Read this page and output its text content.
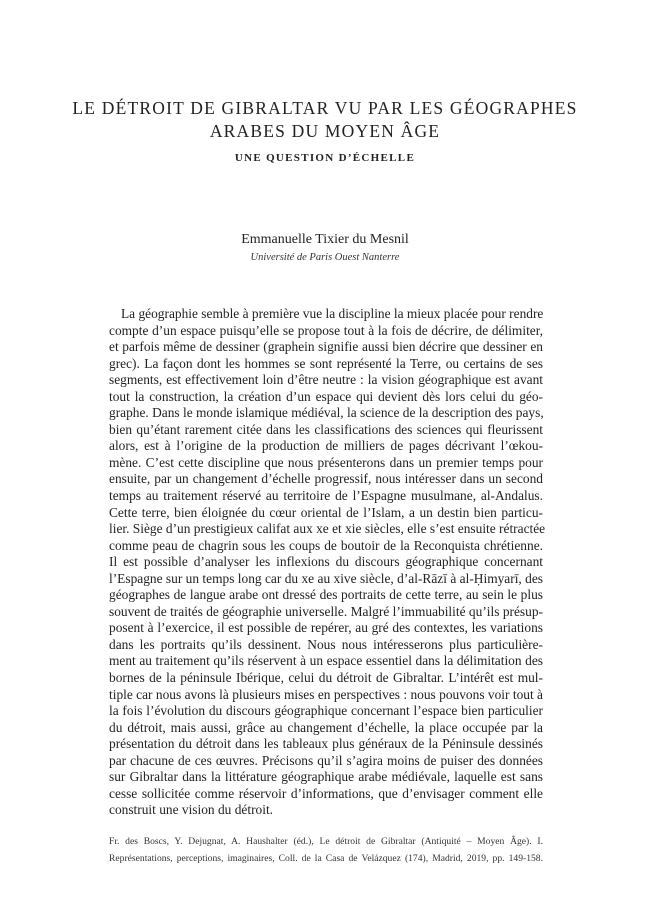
LE DÉTROIT DE GIBRALTAR VU PAR LES GÉOGRAPHES
ARABES DU MOYEN ÂGE
UNE QUESTION D’ÉCHELLE
Emmanuelle Tixier du Mesnil
Université de Paris Ouest Nanterre
La géographie semble à première vue la discipline la mieux placée pour rendre
compte d’un espace puisqu’elle se propose tout à la fois de décrire, de délimiter,
et parfois même de dessiner (graphein signifie aussi bien décrire que dessiner en
grec). La façon dont les hommes se sont représenté la Terre, ou certains de ses
segments, est effectivement loin d’être neutre : la vision géographique est avant
tout la construction, la création d’un espace qui devient dès lors celui du géo-
graphe. Dans le monde islamique médiéval, la science de la description des pays,
bien qu’étant rarement citée dans les classifications des sciences qui fleurissent
alors, est à l’origine de la production de milliers de pages décrivant l’œkou-
mène. C’est cette discipline que nous présenterons dans un premier temps pour
ensuite, par un changement d’échelle progressif, nous intéresser dans un second
temps au traitement réservé au territoire de l’Espagne musulmane, al-Andalus.
Cette terre, bien éloignée du cœur oriental de l’Islam, a un destin bien particu-
lier. Siège d’un prestigieux califat aux xe et xie siècles, elle s’est ensuite rétractée
comme peau de chagrin sous les coups de boutoir de la Reconquista chrétienne.
Il est possible d’analyser les inflexions du discours géographique concernant
l’Espagne sur un temps long car du xe au xive siècle, d’al-Rāzī à al-Ḥimyarī, des
géographes de langue arabe ont dressé des portraits de cette terre, au sein le plus
souvent de traités de géographie universelle. Malgré l’immuabilité qu’ils présup-
posent à l’exercice, il est possible de repérer, au gré des contextes, les variations
dans les portraits qu’ils dessinent. Nous nous intéresserons plus particulière-
ment au traitement qu’ils réservent à un espace essentiel dans la délimitation des
bornes de la péninsule Ibérique, celui du détroit de Gibraltar. L’intérêt est mul-
tiple car nous avons là plusieurs mises en perspectives : nous pouvons voir tout à
la fois l’évolution du discours géographique concernant l’espace bien particulier
du détroit, mais aussi, grâce au changement d’échelle, la place occupée par la
présentation du détroit dans les tableaux plus généraux de la Péninsule dessinés
par chacune de ces œuvres. Précisons qu’il s’agira moins de puiser des données
sur Gibraltar dans la littérature géographique arabe médiévale, laquelle est sans
cesse sollicitée comme réservoir d’informations, que d’envisager comment elle
construit une vision du détroit.
Fr. des Boscs, Y. Dejugnat, A. Haushalter (éd.), Le détroit de Gibraltar (Antiquité – Moyen Âge). I.
Représentations, perceptions, imaginaires, Coll. de la Casa de Velázquez (174), Madrid, 2019, pp. 149-158.
